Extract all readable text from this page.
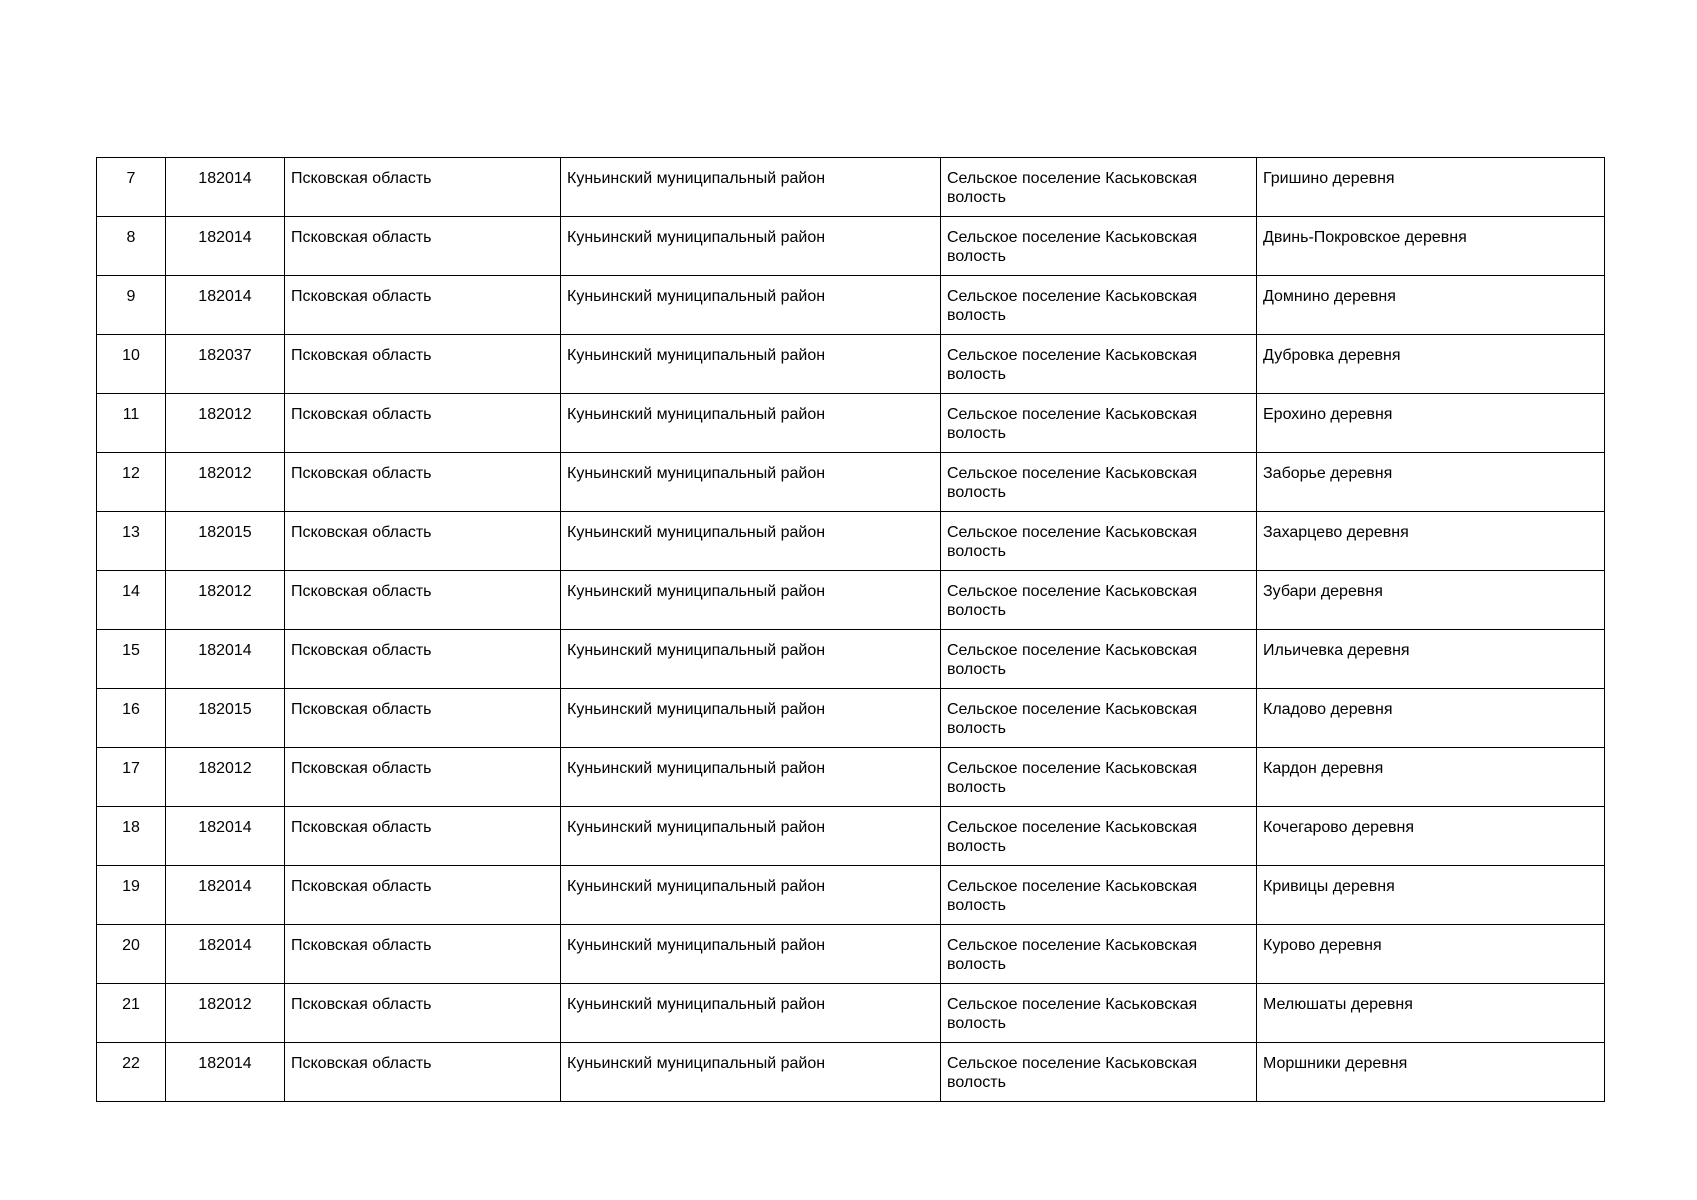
7	182014	Псковская область	Куньинский муниципальный район	Сельское поселение Каськовская волость	Гришино деревня
8	182014	Псковская область	Куньинский муниципальный район	Сельское поселение Каськовская волость	Двинь-Покровское деревня
9	182014	Псковская область	Куньинский муниципальный район	Сельское поселение Каськовская волость	Домнино деревня
10	182037	Псковская область	Куньинский муниципальный район	Сельское поселение Каськовская волость	Дубровка деревня
11	182012	Псковская область	Куньинский муниципальный район	Сельское поселение Каськовская волость	Ерохино деревня
12	182012	Псковская область	Куньинский муниципальный район	Сельское поселение Каськовская волость	Заборье деревня
13	182015	Псковская область	Куньинский муниципальный район	Сельское поселение Каськовская волость	Захарцево деревня
14	182012	Псковская область	Куньинский муниципальный район	Сельское поселение Каськовская волость	Зубари деревня
15	182014	Псковская область	Куньинский муниципальный район	Сельское поселение Каськовская волость	Ильичевка деревня
16	182015	Псковская область	Куньинский муниципальный район	Сельское поселение Каськовская волость	Кладово деревня
17	182012	Псковская область	Куньинский муниципальный район	Сельское поселение Каськовская волость	Кардон деревня
18	182014	Псковская область	Куньинский муниципальный район	Сельское поселение Каськовская волость	Кочегарово деревня
19	182014	Псковская область	Куньинский муниципальный район	Сельское поселение Каськовская волость	Кривицы деревня
20	182014	Псковская область	Куньинский муниципальный район	Сельское поселение Каськовская волость	Курово деревня
21	182012	Псковская область	Куньинский муниципальный район	Сельское поселение Каськовская волость	Мелюшаты деревня
22	182014	Псковская область	Куньинский муниципальный район	Сельское поселение Каськовская волость	Моршники деревня
